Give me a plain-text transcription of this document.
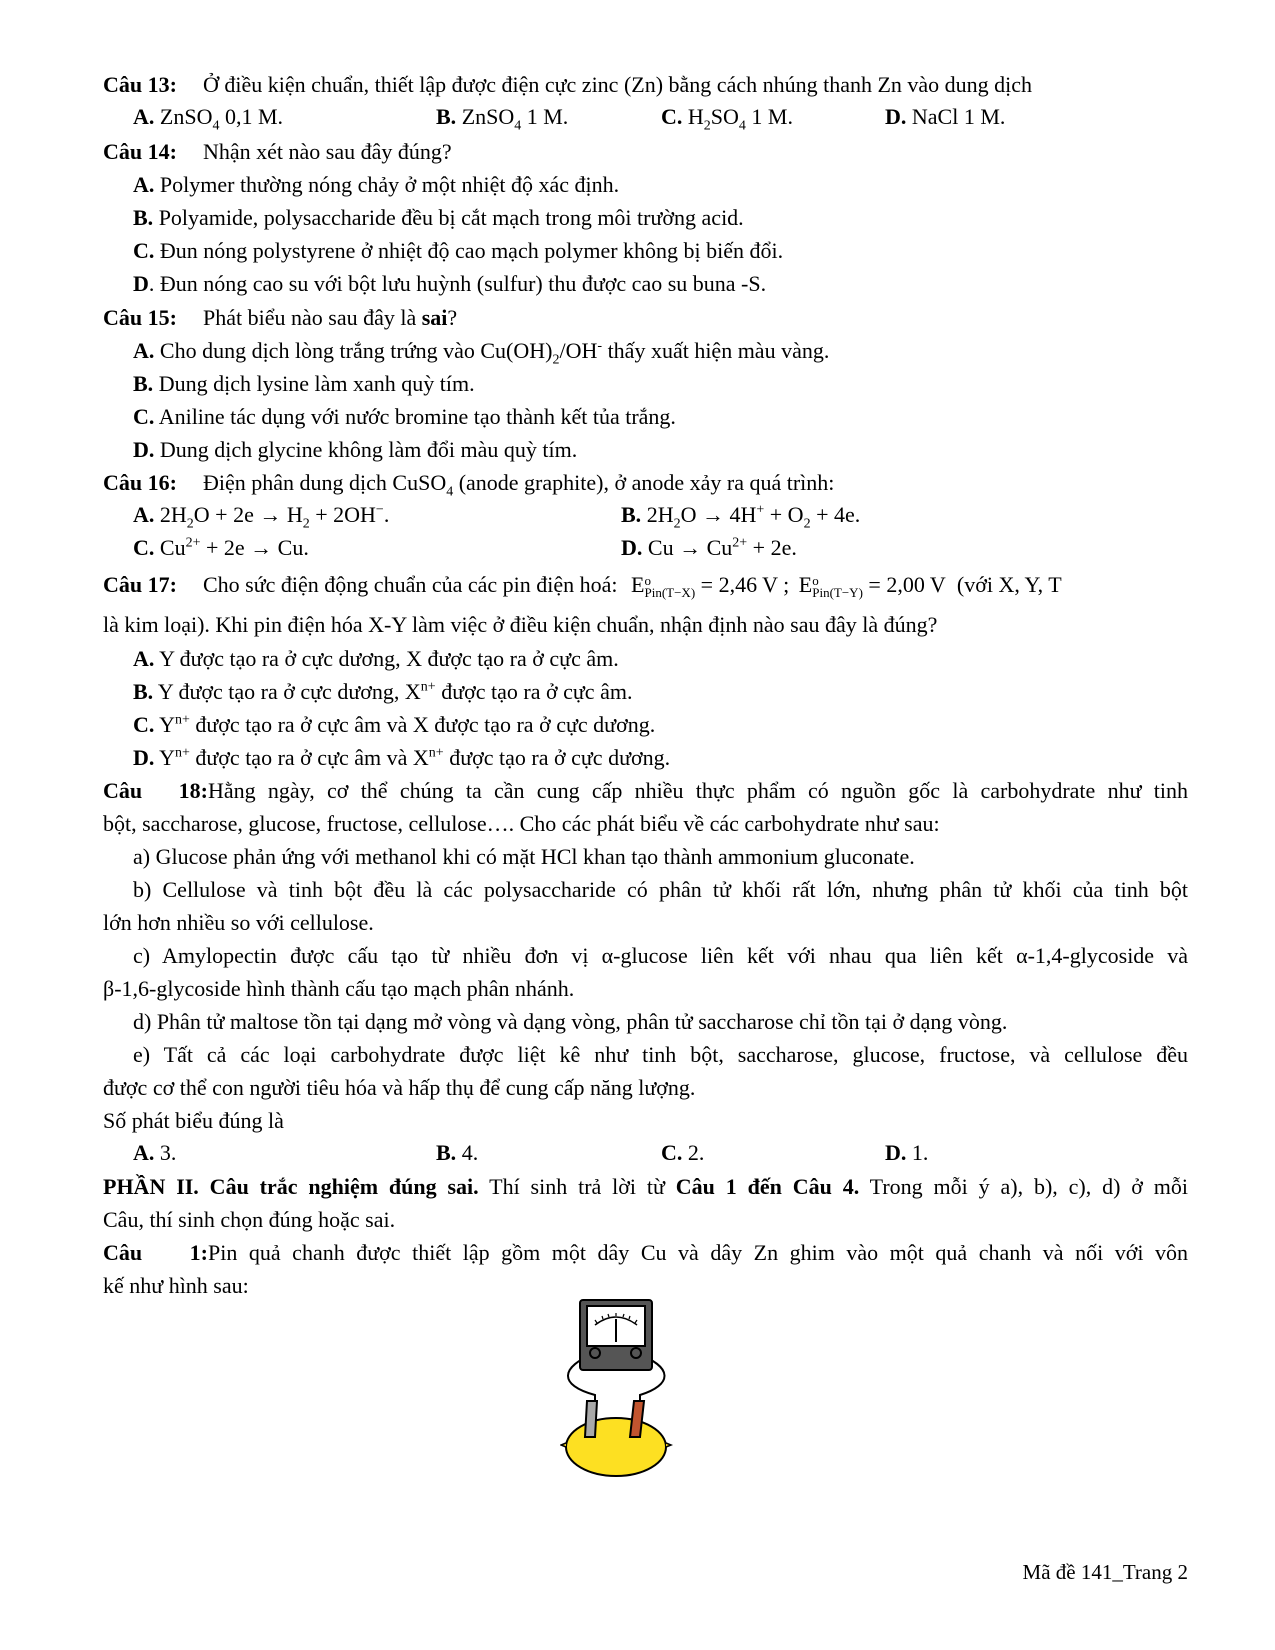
Câu 13: Ở điều kiện chuẩn, thiết lập được điện cực zinc (Zn) bằng cách nhúng thanh Zn vào dung dịch
A. ZnSO$_4$ 0,1 M.	B. ZnSO$_4$ 1 M.	C. $H_2SO_4$ 1 M.	D. NaCl 1 M.
Câu 14: Nhận xét nào sau đây đúng?
A. Polymer thường nóng chảy ở một nhiệt độ xác định.
B. Polyamide, polysaccharide đều bị cắt mạch trong môi trường acid.
C. Đun nóng polystyrene ở nhiệt độ cao mạch polymer không bị biến đổi.
D. Đun nóng cao su với bột lưu huỳnh (sulfur) thu được cao su buna -S.
Câu 15: Phát biểu nào sau đây là sai?
A. Cho dung dịch lòng trắng trứng vào $Cu(OH)_2/OH^-$ thấy xuất hiện màu vàng.
B. Dung dịch lysine làm xanh quỳ tím.
C. Aniline tác dụng với nước bromine tạo thành kết tủa trắng.
D. Dung dịch glycine không làm đổi màu quỳ tím.
Câu 16: Điện phân dung dịch CuSO$_4$ (anode graphite), ở anode xảy ra quá trình:
A. $2H_2O + 2e \to H_2 + 2OH^-$.	B. $2H_2O \to 4H^+ + O_2 + 4e$.
C. $Cu^{2+} + 2e \to Cu$.	D. $Cu \to Cu^{2+} + 2e$.
Câu 17: Cho sức điện động chuẩn của các pin điện hoá: E o
Pin(T−X) = 2,46 V ; E o
Pin(T−Y) = 2,00 V (với X, Y, T
là kim loại). Khi pin điện hóa X-Y làm việc ở điều kiện chuẩn, nhận định nào sau đây là đúng?
A. Y được tạo ra ở cực dương, X được tạo ra ở cực âm.
B. Y được tạo ra ở cực dương, $X^{n+}$ được tạo ra ở cực âm.
C. $Y^{n+}$ được tạo ra ở cực âm và X được tạo ra ở cực dương.
D. $Y^{n+}$ được tạo ra ở cực âm và $X^{n+}$ được tạo ra ở cực dương.
Câu 18:Hằng ngày, cơ thể chúng ta cần cung cấp nhiều thực phẩm có nguồn gốc là carbohydrate như tinh
bột, saccharose, glucose, fructose, cellulose…. Cho các phát biểu về các carbohydrate như sau:
a) Glucose phản ứng với methanol khi có mặt HCl khan tạo thành ammonium gluconate.
b) Cellulose và tinh bột đều là các polysaccharide có phân tử khối rất lớn, nhưng phân tử khối của tinh bột
lớn hơn nhiều so với cellulose.
c) Amylopectin được cấu tạo từ nhiều đơn vị α-glucose liên kết với nhau qua liên kết α-1,4-glycoside và
β-1,6-glycoside hình thành cấu tạo mạch phân nhánh.
d) Phân tử maltose tồn tại dạng mở vòng và dạng vòng, phân tử saccharose chỉ tồn tại ở dạng vòng.
e) Tất cả các loại carbohydrate được liệt kê như tinh bột, saccharose, glucose, fructose, và cellulose đều
được cơ thể con người tiêu hóa và hấp thụ để cung cấp năng lượng.
Số phát biểu đúng là
A. 3.	B. 4.	C. 2.	D. 1.
PHẦN II. Câu trắc nghiệm đúng sai. Thí sinh trả lời từ Câu 1 đến Câu 4. Trong mỗi ý a), b), c), d) ở mỗi
Câu, thí sinh chọn đúng hoặc sai.
Câu 1:Pin quả chanh được thiết lập gồm một dây Cu và dây Zn ghim vào một quả chanh và nối với vôn
kế như hình sau:
Mã đề 141_Trang 2
